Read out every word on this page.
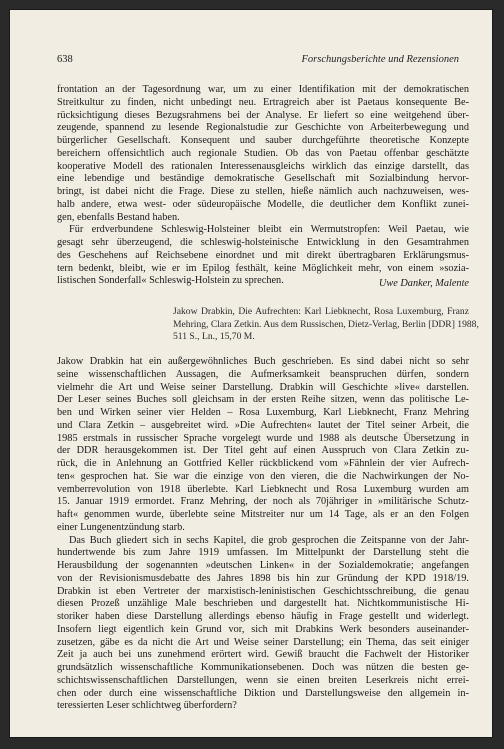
638	Forschungsberichte und Rezensionen
frontation an der Tagesordnung war, um zu einer Identifikation mit der demokratischen
Streitkultur zu finden, nicht unbedingt neu. Ertragreich aber ist Paetaus konsequente Be-
rücksichtigung dieses Bezugsrahmens bei der Analyse. Er liefert so eine weitgehend über-
zeugende, spannend zu lesende Regionalstudie zur Geschichte von Arbeiterbewegung und
bürgerlicher Gesellschaft. Konsequent und sauber durchgeführte theoretische Konzepte
bereichern offensichtlich auch regionale Studien. Ob das von Paetau offenbar geschätzte
kooperative Modell des rationalen Interessenausgleichs wirklich das einzige darstellt, das
eine lebendige und beständige demokratische Gesellschaft mit Sozialbindung hervor-
bringt, ist dabei nicht die Frage. Diese zu stellen, hieße nämlich auch nachzuweisen, wes-
halb andere, etwa west- oder südeuropäische Modelle, die deutlicher dem Konflikt zunei-
gen, ebenfalls Bestand haben.
Für erdverbundene Schleswig-Holsteiner bleibt ein Wermutstropfen: Weil Paetau, wie
gesagt sehr überzeugend, die schleswig-holsteinische Entwicklung in den Gesamtrahmen
des Geschehens auf Reichsebene einordnet und mit direkt übertragbaren Erklärungsmus-
tern bedenkt, bleibt, wie er im Epilog festhält, keine Möglichkeit mehr, von einem »sozia-
listischen Sonderfall« Schleswig-Holstein zu sprechen.	Uwe Danker, Malente
Jakow Drabkin, Die Aufrechten: Karl Liebknecht, Rosa Luxemburg, Franz
Mehring, Clara Zetkin. Aus dem Russischen, Dietz-Verlag, Berlin [DDR] 1988,
511 S., Ln., 15,70 M.
Jakow Drabkin hat ein außergewöhnliches Buch geschrieben. Es sind dabei nicht so sehr
seine wissenschaftlichen Aussagen, die Aufmerksamkeit beanspruchen dürfen, sondern
vielmehr die Art und Weise seiner Darstellung. Drabkin will Geschichte »live« darstellen.
Der Leser seines Buches soll gleichsam in der ersten Reihe sitzen, wenn das politische Le-
ben und Wirken seiner vier Helden – Rosa Luxemburg, Karl Liebknecht, Franz Mehring
und Clara Zetkin – ausgebreitet wird. »Die Aufrechten« lautet der Titel seiner Arbeit, die
1985 erstmals in russischer Sprache vorgelegt wurde und 1988 als deutsche Übersetzung in
der DDR herausgekommen ist. Der Titel geht auf einen Ausspruch von Clara Zetkin zu-
rück, die in Anlehnung an Gottfried Keller rückblickend vom »Fähnlein der vier Aufrech-
ten« gesprochen hat. Sie war die einzige von den vieren, die die Nachwirkungen der No-
vemberrevolution von 1918 überlebte. Karl Liebknecht und Rosa Luxemburg wurden am
15. Januar 1919 ermordet. Franz Mehring, der noch als 70jähriger in »militärische Schutz-
haft« genommen wurde, überlebte seine Mitstreiter nur um 14 Tage, als er an den Folgen
einer Lungenentzündung starb.
Das Buch gliedert sich in sechs Kapitel, die grob gesprochen die Zeitspanne von der Jahr-
hundertwende bis zum Jahre 1919 umfassen. Im Mittelpunkt der Darstellung steht die
Herausbildung der sogenannten »deutschen Linken« in der Sozialdemokratie; angefangen
von der Revisionismusdebatte des Jahres 1898 bis hin zur Gründung der KPD 1918/19.
Drabkin ist eben Vertreter der marxistisch-leninistischen Geschichtsschreibung, die genau
diesen Prozeß unzählige Male beschrieben und dargestellt hat. Nichtkommunistische Hi-
storiker haben diese Darstellung allerdings ebenso häufig in Frage gestellt und widerlegt.
Insofern liegt eigentlich kein Grund vor, sich mit Drabkins Werk besonders auseinander-
zusetzen, gäbe es da nicht die Art und Weise seiner Darstellung; ein Thema, das seit einiger
Zeit ja auch bei uns zunehmend erörtert wird. Gewiß braucht die Fachwelt der Historiker
grundsätzlich wissenschaftliche Kommunikationsebenen. Doch was nützen die besten ge-
schichtswissenschaftlichen Darstellungen, wenn sie einen breiten Leserkreis nicht errei-
chen oder durch eine wissenschaftliche Diktion und Darstellungsweise den allgemein in-
teressierten Leser schlichtweg überfordern?
